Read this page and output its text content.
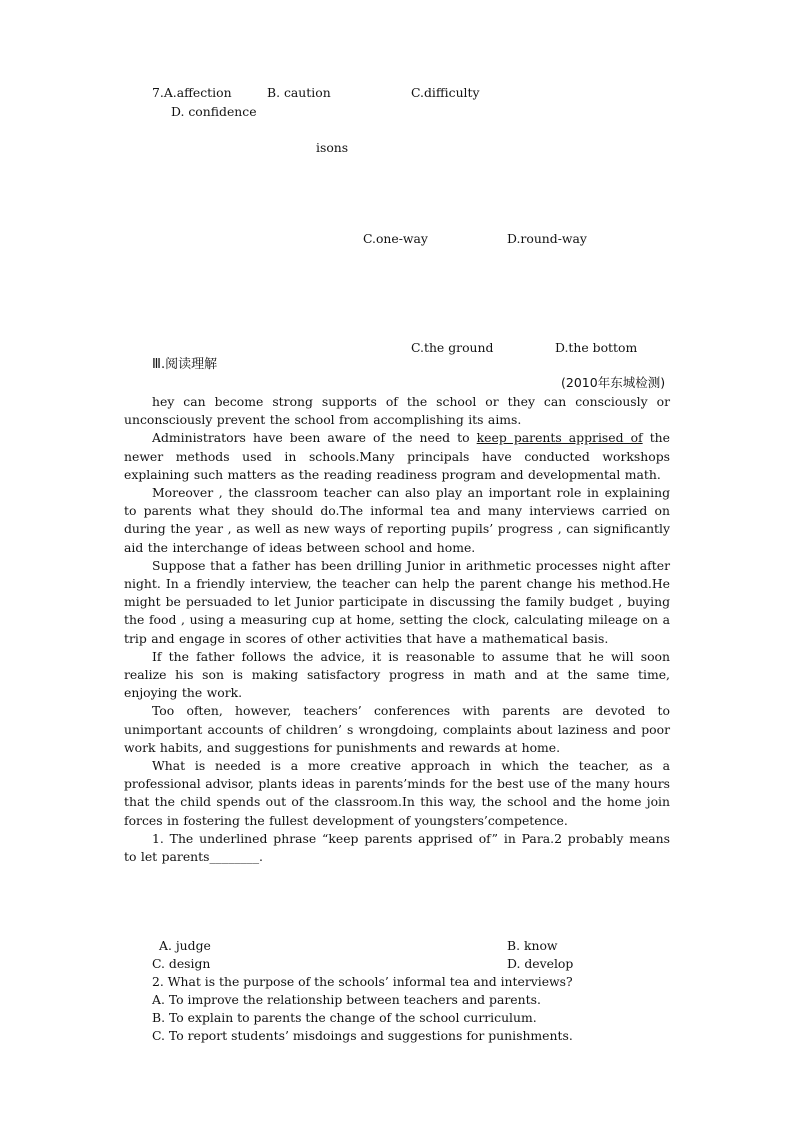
7.A.affection	B. caution	C.difficulty
D. confidence
isons
C.one-way	D.round-way
C.the ground	D.the bottom
Ⅲ.阅读理解
(2010年东城检测)

hey can become strong supports of the school or they can consciously or unconsciously prevent the school from accomplishing its aims.

Administrators have been aware of the need to keep parents apprised of the newer methods used in schools.Many principals have conducted workshops explaining such matters as the reading readiness program and developmental math.

Moreover , the classroom teacher can also play an important role in explaining to parents what they should do.The informal tea and many interviews carried on during the year , as well as new ways of reporting pupils’ progress , can significantly aid the interchange of ideas between school and home.

Suppose that a father has been drilling Junior in arithmetic processes night after night. In a friendly interview, the teacher can help the parent change his method.He might be persuaded to let Junior participate in discussing the family budget , buying the food , using a measuring cup at home, setting the clock, calculating mileage on a trip and engage in scores of other activities that have a mathematical basis.

If the father follows the advice, it is reasonable to assume that he will soon realize his son is making satisfactory progress in math and at the same time, enjoying the work.

Too often, however, teachers’ conferences with parents are devoted to unimportant accounts of children’ s wrongdoing, complaints about laziness and poor work habits, and suggestions for punishments and rewards at home.

What is needed is a more creative approach in which the teacher, as a professional advisor, plants ideas in parents’minds for the best use of the many hours that the child spends out of the classroom.In this way, the school and the home join forces in fostering the fullest development of youngsters’competence.

1. The underlined phrase “keep parents apprised of” in Para.2 probably means to let parents________.

A. judge	B. know
C. design	D. develop
2. What is the purpose of the schools’ informal tea and interviews?
A. To improve the relationship between teachers and parents.
B. To explain to parents the change of the school curriculum.
C. To report students’ misdoings and suggestions for punishments.
